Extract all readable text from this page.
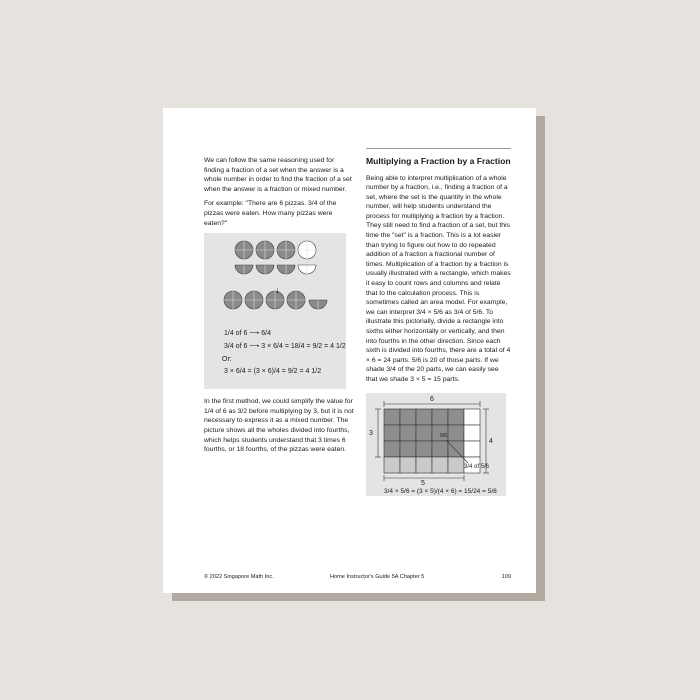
We can follow the same reasoning used for finding a fraction of a set when the answer is a whole number in order to find the fraction of a set when the answer is a fraction or mixed number.

For example: "There are 6 pizzas. 3/4 of the pizzas were eaten. How many pizzas were eaten?"

↓
1/4 of 6 ⟶ 6/4
3/4 of 6 ⟶ 3 × 6/4 = 18/4 = 9/2 = 4 1/2
Or:
3 × 6/4 = (3 × 6)/4 = 9/2 = 4 1/2

In the first method, we could simplify the value for 1/4 of 6 as 3/2 before multiplying by 3, but it is not necessary to express it as a mixed number. The picture shows all the wholes divided into fourths, which helps students understand that 3 times 6 fourths, or 18 fourths, of the pizzas were eaten.

Multiplying a Fraction by a Fraction

Being able to interpret multiplication of a whole number by a fraction, i.e., finding a fraction of a set, where the set is the quantity in the whole number, will help students understand the process for multiplying a fraction by a fraction. They still need to find a fraction of a set, but this time the "set" is a fraction. This is a lot easier than trying to figure out how to do repeated addition of a fraction a fractional number of times. Multiplication of a fraction by a fraction is usually illustrated with a rectangle, which makes it easy to count rows and columns and relate that to the calculation process. This is sometimes called an area model. For example, we can interpret 3/4 × 5/6 as 3/4 of 5/6. To illustrate this pictorially, divide a rectangle into sixths either horizontally or vertically, and then into fourths in the other direction. Since each sixth is divided into fourths, there are a total of 4 × 6 = 24 parts. 5/6 is 20 of those parts. If we shade 3/4 of the 20 parts, we can easily see that we shade 3 × 5 = 15 parts.

6
3
4
5
5/6
3/4 of 5/6
3/4 × 5/6 = (3 × 5)/(4 × 6) = 15/24 = 5/8
© 2022 Singapore Math Inc.	Home Instructor's Guide 5A Chapter 5	109
